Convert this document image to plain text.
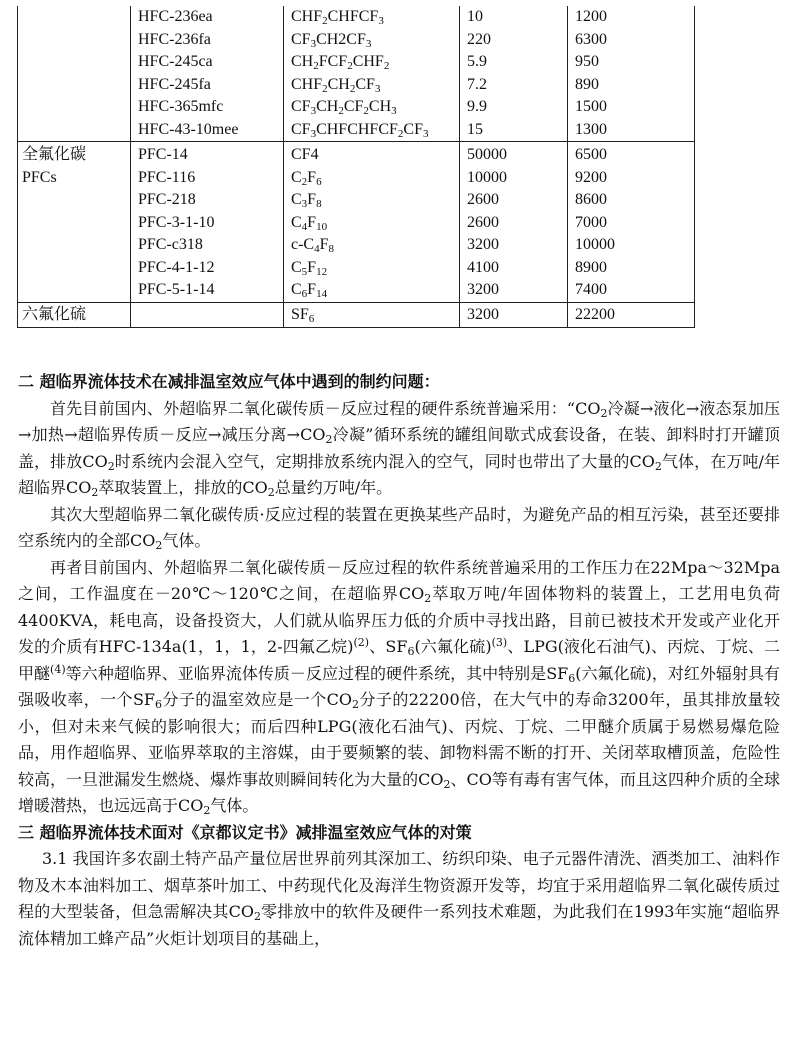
	HFC-236ea	$CHF_2CHFCF_3$	10	1200
	HFC-236fa	$CF_3CH2CF_3$	220	6300
	HFC-245ca	$CH_2FCF_2CHF_2$	5.9	950
	HFC-245fa	$CHF_2CH_2CF_3$	7.2	890
	HFC-365mfc	$CF_3CH_2CF_2CH_3$	9.9	1500
	HFC-43-10mee	$CF_3CHFCHFCF_2CF_3$	15	1300

全氟化碳
PFCs	PFC-14	CF4	50000	6500
	PFC-116	$C_2F_6$	10000	9200
	PFC-218	$C_3F_8$	2600	8600
	PFC-3-1-10	$C_4F_{10}$	2600	7000
	PFC-c318	$c-C_4F_8$	3200	10000
	PFC-4-1-12	$C_5F_{12}$	4100	8900
	PFC-5-1-14	$C_6F_{14}$	3200	7400
六氟化硫		$SF_6$	3200	22200

二 超临界流体技术在减排温室效应气体中遇到的制约问题：

首先目前国内、外超临界二氧化碳传质－反应过程的硬件系统普遍采用：“$CO_2$冷凝→液化→液态泵加压→加热→超临界传质－反应→减压分离$\to CO_2$冷凝”循环系统的罐组间歇式成套设备，在装、卸料时打开罐顶盖，排放$CO_2$时系统内会混入空气，定期排放系统内混入的空气，同时也带出了大量的$CO_2$气体，在万吨/年超临界$CO_2$萃取装置上，排放的$CO_2$总量约万吨/年。

其次大型超临界二氧化碳传质·反应过程的装置在更换某些产品时，为避免产品的相互污染，甚至还要排空系统内的全部$CO_2$气体。

再者目前国内、外超临界二氧化碳传质－反应过程的软件系统普遍采用的工作压力在22Mpa～32Mpa之间，工作温度在－20℃～120℃之间，在超临界$CO_2$萃取万吨/年固体物料的装置上，工艺用电负荷4400KVA，耗电高，设备投资大，人们就从临界压力低的介质中寻找出路，目前已被技术开发或产业化开发的介质有HFC-134a(1，1，1，2-四氟乙烷)$^{(2)}$、$SF_6$(六氟化硫)$^{(3)}$、LPG(液化石油气)、丙烷、丁烷、二甲醚$^{(4)}$等六种超临界、亚临界流体传质－反应过程的硬件系统，其中特别是$SF_6$(六氟化硫)，对红外辐射具有强吸收率，一个$SF_6$分子的温室效应是一个$CO_2$分子的22200倍，在大气中的寿命3200年，虽其排放量较小，但对未来气候的影响很大；而后四种LPG(液化石油气)、丙烷、丁烷、二甲醚介质属于易燃易爆危险品，用作超临界、亚临界萃取的主溶媒，由于要频繁的装、卸物料需不断的打开、关闭萃取槽顶盖，危险性较高，一旦泄漏发生燃烧、爆炸事故则瞬间转化为大量的$CO_2$、CO等有毒有害气体，而且这四种介质的全球增暖潜热，也远远高于$CO_2$气体。

三 超临界流体技术面对《京都议定书》减排温室效应气体的对策

3.1 我国许多农副土特产品产量位居世界前列其深加工、纺织印染、电子元器件清洗、酒类加工、油料作物及木本油料加工、烟草茶叶加工、中药现代化及海洋生物资源开发等，均宜于采用超临界二氧化碳传质过程的大型装备，但急需解决其$CO_2$零排放中的软件及硬件一系列技术难题，为此我们在1993年实施“超临界流体精加工蜂产品”火炬计划项目的基础上，
